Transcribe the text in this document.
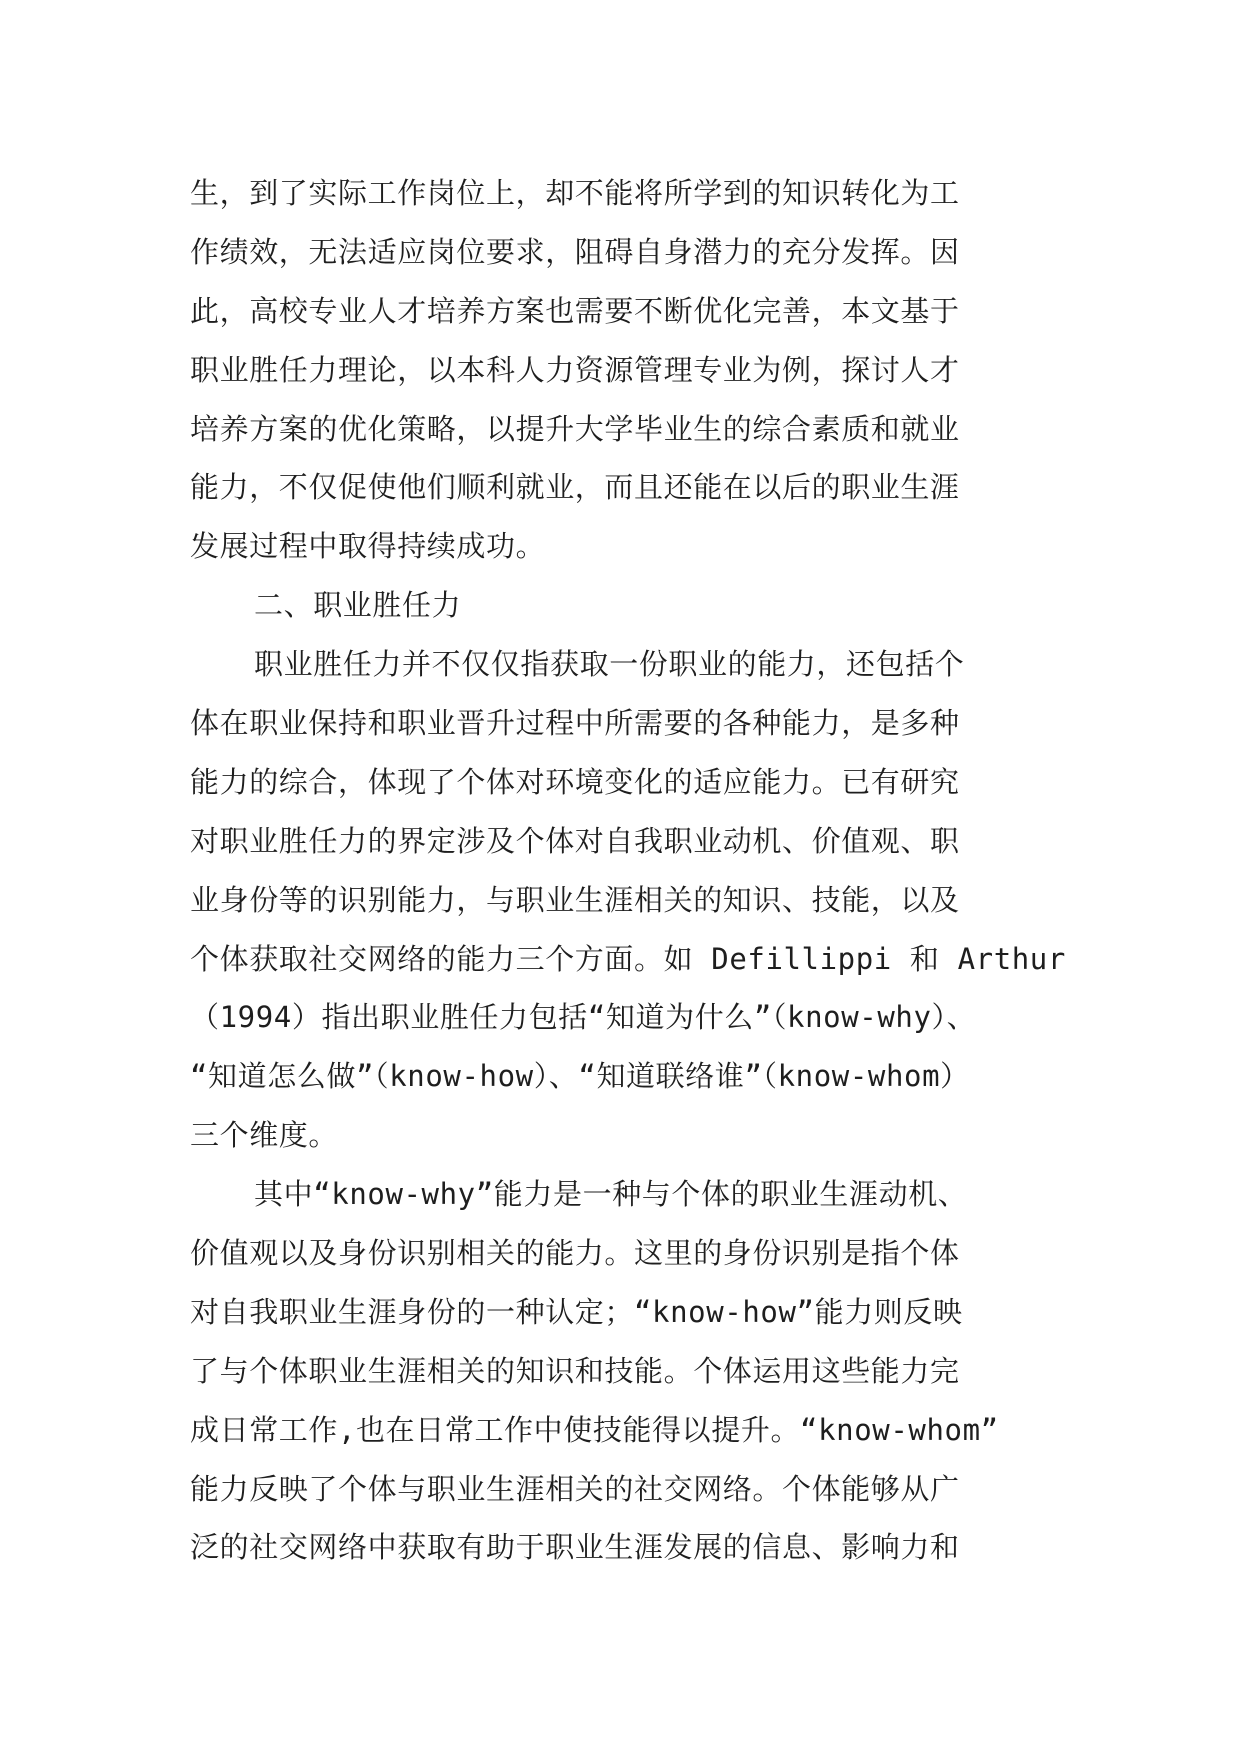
生，到了实际工作岗位上，却不能将所学到的知识转化为工
作绩效，无法适应岗位要求，阻碍自身潜力的充分发挥。因
此，高校专业人才培养方案也需要不断优化完善，本文基于
职业胜任力理论，以本科人力资源管理专业为例，探讨人才
培养方案的优化策略，以提升大学毕业生的综合素质和就业
能力，不仅促使他们顺利就业，而且还能在以后的职业生涯
发展过程中取得持续成功。
二、职业胜任力
职业胜任力并不仅仅指获取一份职业的能力，还包括个
体在职业保持和职业晋升过程中所需要的各种能力，是多种
能力的综合，体现了个体对环境变化的适应能力。已有研究
对职业胜任力的界定涉及个体对自我职业动机、价值观、职
业身份等的识别能力，与职业生涯相关的知识、技能，以及
个体获取社交网络的能力三个方面。如 Defillippi 和 Arthur
（1994）指出职业胜任力包括“知道为什么”（know-why）、
“知道怎么做”（know-how）、“知道联络谁”（know-whom）
三个维度。
其中“know-why”能力是一种与个体的职业生涯动机、
价值观以及身份识别相关的能力。这里的身份识别是指个体
对自我职业生涯身份的一种认定；“know-how”能力则反映
了与个体职业生涯相关的知识和技能。个体运用这些能力完
成日常工作,也在日常工作中使技能得以提升。“know-whom”
能力反映了个体与职业生涯相关的社交网络。个体能够从广
泛的社交网络中获取有助于职业生涯发展的信息、影响力和
